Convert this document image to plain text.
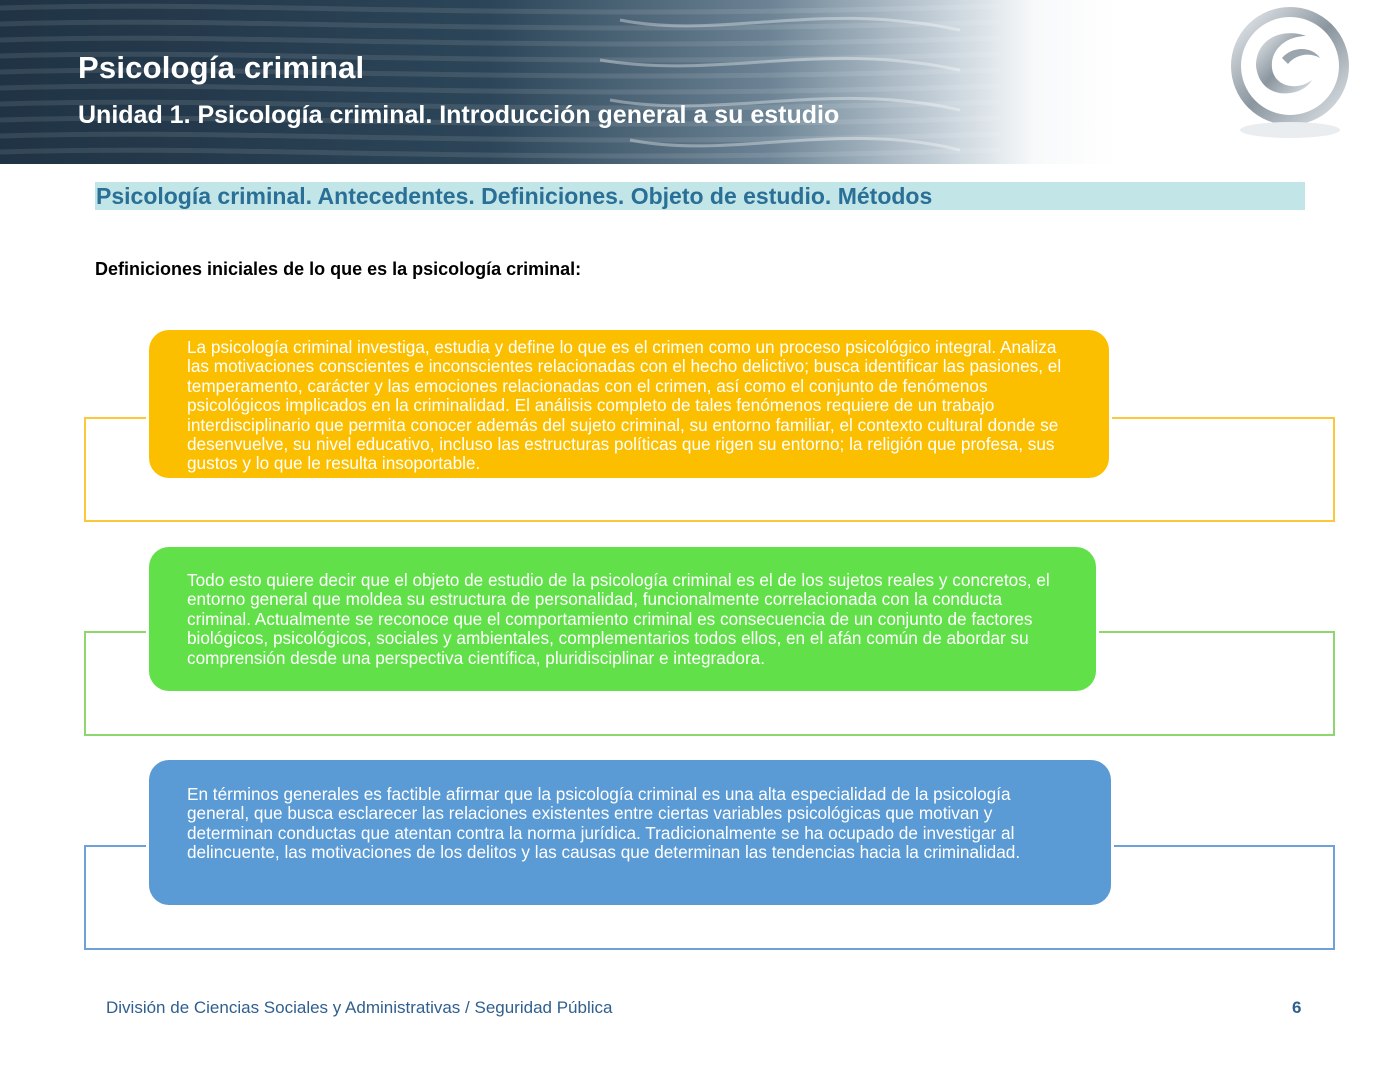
Psicología criminal
Unidad 1. Psicología criminal. Introducción general a su estudio
Psicología criminal. Antecedentes. Definiciones. Objeto de estudio. Métodos
Definiciones iniciales de lo que es la psicología criminal:

La psicología criminal investiga, estudia y define lo que es el crimen como un proceso psicológico integral. Analiza las motivaciones conscientes e inconscientes relacionadas con el hecho delictivo; busca identificar las pasiones, el temperamento, carácter y las emociones relacionadas con el crimen, así como el conjunto de fenómenos psicológicos implicados en la criminalidad. El análisis completo de tales fenómenos requiere de un trabajo interdisciplinario que permita conocer además del sujeto criminal, su entorno familiar, el contexto cultural donde se desenvuelve, su nivel educativo, incluso las estructuras políticas que rigen su entorno; la religión que profesa, sus gustos y lo que le resulta insoportable.

Todo esto quiere decir que el objeto de estudio de la psicología criminal es el de los sujetos reales y concretos, el entorno general que moldea su estructura de personalidad, funcionalmente correlacionada con la conducta criminal. Actualmente se reconoce que el comportamiento criminal es consecuencia de un conjunto de factores biológicos, psicológicos, sociales y ambientales, complementarios todos ellos, en el afán común de abordar su comprensión desde una perspectiva científica, pluridisciplinar e integradora.

En términos generales es factible afirmar que la psicología criminal es una alta especialidad de la psicología general, que busca esclarecer las relaciones existentes entre ciertas variables psicológicas que motivan y determinan conductas que atentan contra la norma jurídica. Tradicionalmente se ha ocupado de investigar al delincuente, las motivaciones de los delitos y las causas que determinan las tendencias hacia la criminalidad.

División de Ciencias Sociales y Administrativas / Seguridad Pública	6
